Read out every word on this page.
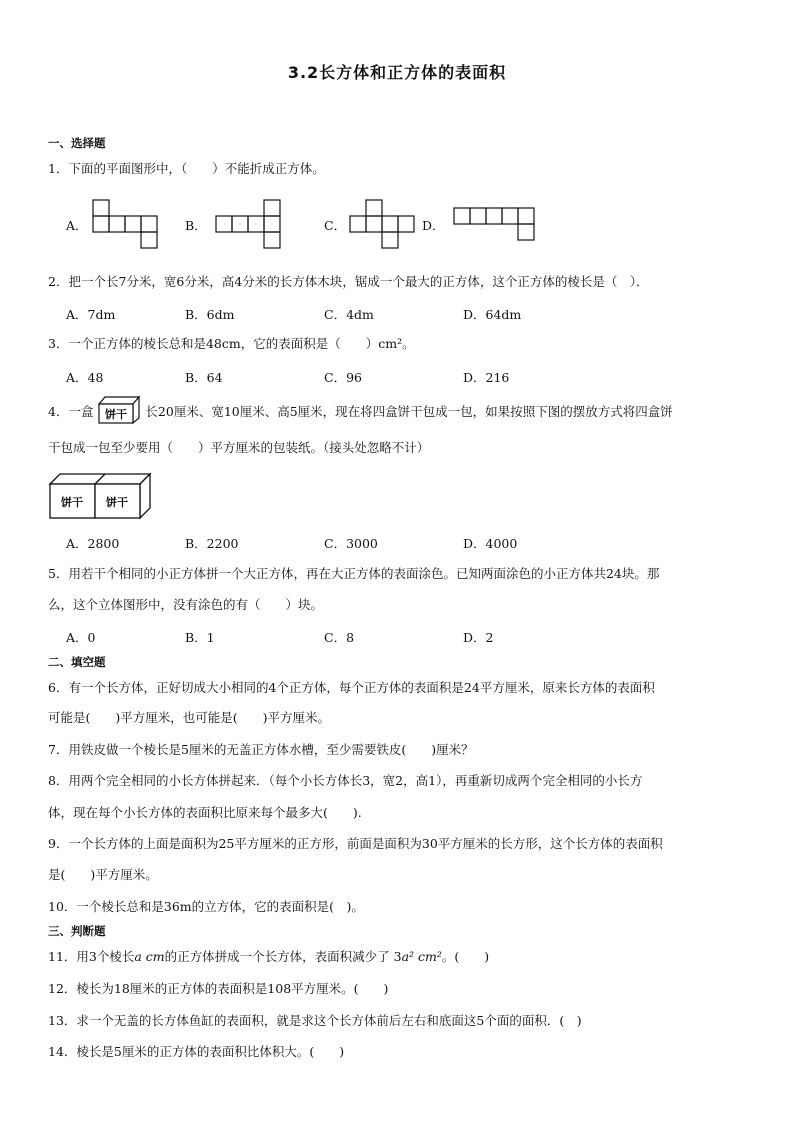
3.2长方体和正方体的表面积
一、选择题
1．下面的平面图形中，（　　）不能折成正方体。
A．	B．	C．	D．
2．把一个长7分米，宽6分米，高4分米的长方体木块，锯成一个最大的正方体，这个正方体的棱长是（　）．
A．7dm	B．6dm	C．4dm	D．64dm
3．一个正方体的棱长总和是48cm，它的表面积是（　　）cm²。
A．48	B．64	C．96	D．216
4．一盒 饼干 长20厘米、宽10厘米、高5厘米，现在将四盒饼干包成一包，如果按照下图的摆放方式将四盒饼
干包成一包至少要用（　　）平方厘米的包装纸。（接头处忽略不计）
饼干 饼干
A．2800	B．2200	C．3000	D．4000
5．用若干个相同的小正方体拼一个大正方体，再在大正方体的表面涂色。已知两面涂色的小正方体共24块。那
么，这个立体图形中，没有涂色的有（　　）块。
A．0	B．1	C．8	D．2
二、填空题
6．有一个长方体，正好切成大小相同的4个正方体，每个正方体的表面积是24平方厘米，原来长方体的表面积
可能是(　　)平方厘米，也可能是(　　)平方厘米。
7．用铁皮做一个棱长是5厘米的无盖正方体水槽，至少需要铁皮(　　)厘米？
8．用两个完全相同的小长方体拼起来．（每个小长方体长3，宽2，高1），再重新切成两个完全相同的小长方
体，现在每个小长方体的表面积比原来每个最多大(　　).
9．一个长方体的上面是面积为25平方厘米的正方形，前面是面积为30平方厘米的长方形，这个长方体的表面积
是(　　)平方厘米。
10．一个棱长总和是36m的立方体，它的表面积是(　)。
三、判断题
11．用3个棱长a cm的正方体拼成一个长方体，表面积减少了 3a² cm²。(　　)
12．棱长为18厘米的正方体的表面积是108平方厘米。(　　)
13．求一个无盖的长方体鱼缸的表面积，就是求这个长方体前后左右和底面这5个面的面积．(　)
14．棱长是5厘米的正方体的表面积比体积大。(　　)
